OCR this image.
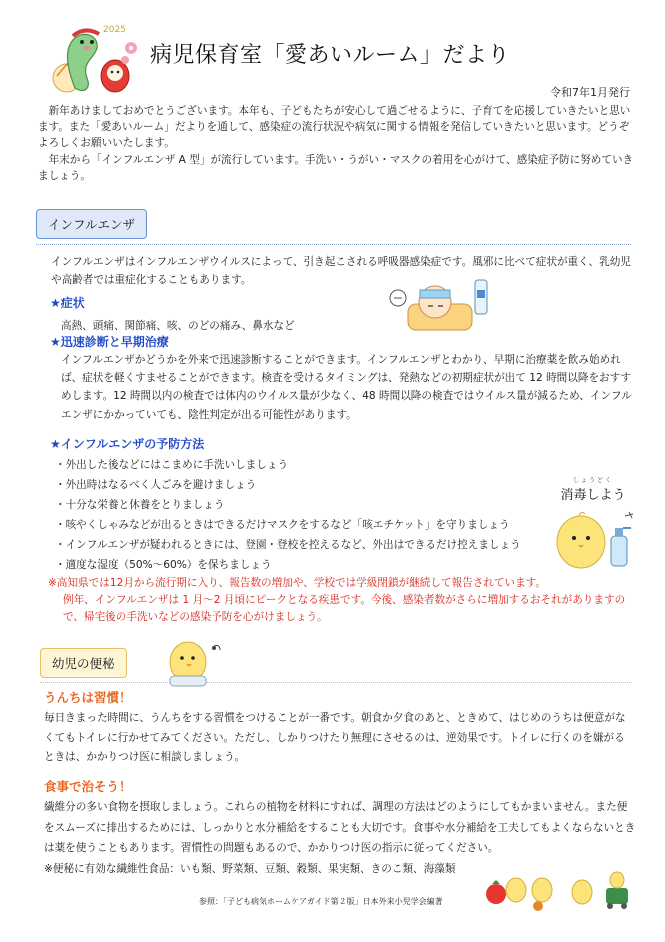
2025
病児保育室「愛あいルーム」だより
令和7年1月発行

新年あけましておめでとうございます。本年も、子どもたちが安心して過ごせるように、子育てを応援していきたいと思います。また「愛あいルーム」だよりを通して、感染症の流行状況や病気に関する情報を発信していきたいと思います。どうぞよろしくお願いいたします。

年末から「インフルエンザ A 型」が流行しています。手洗い・うがい・マスクの着用を心がけて、感染症予防に努めていきましょう。

インフルエンザ
インフルエンザはインフルエンザウイルスによって、引き起こされる呼吸器感染症です。風邪に比べて症状が重く、乳幼児や高齢者では重症化することもあります。
★症状
高熱、頭痛、関節痛、咳、のどの痛み、鼻水など
★迅速診断と早期治療
インフルエンザかどうかを外来で迅速診断することができます。インフルエンザとわかり、早期に治療薬を飲み始めれば、症状を軽くすませることができます。検査を受けるタイミングは、発熱などの初期症状が出て 12 時間以降をおすすめします。12 時間以内の検査では体内のウイルス量が少なく、48 時間以降の検査ではウイルス量が減るため、インフルエンザにかかっていても、陰性判定が出る可能性があります。
★インフルエンザの予防方法
・外出した後などにはこまめに手洗いしましょう
・外出時はなるべく人ごみを避けましょう
・十分な栄養と休養をとりましょう
・咳やくしゃみなどが出るときはできるだけマスクをするなど「咳エチケット」を守りましょう
・インフルエンザが疑われるときには、登園・登校を控えるなど、外出はできるだけ控えましょう
・適度な湿度（50%～60%）を保ちましょう
しょうどく
消毒しよう
※高知県では12月から流行期に入り、報告数の増加や、学校では学級閉鎖が継続して報告されています。
例年、インフルエンザは 1 月～2 月頃にピークとなる疾患です。今後、感染者数がさらに増加するおそれがありますので、帰宅後の手洗いなどの感染予防を心がけましょう。
幼児の便秘
うんちは習慣！
毎日きまった時間に、うんちをする習慣をつけることが一番です。朝食か夕食のあと、ときめて、はじめのうちは便意がなくてもトイレに行かせてみてください。ただし、しかりつけたり無理にさせるのは、逆効果です。トイレに行くのを嫌がるときは、かかりつけ医に相談しましょう。
食事で治そう！
繊維分の多い食物を摂取しましょう。これらの植物を材料にすれば、調理の方法はどのようにしてもかまいません。また便をスムーズに排出するためには、しっかりと水分補給をすることも大切です。食事や水分補給を工夫してもよくならないときは薬を使うこともあります。習慣性の問題もあるので、かかりつけ医の指示に従ってください。
※便秘に有効な繊維性食品：いも類、野菜類、豆類、穀類、果実類、きのこ類、海藻類
参照：「子ども病気ホームケアガイド第２版」日本外来小児学会編著
